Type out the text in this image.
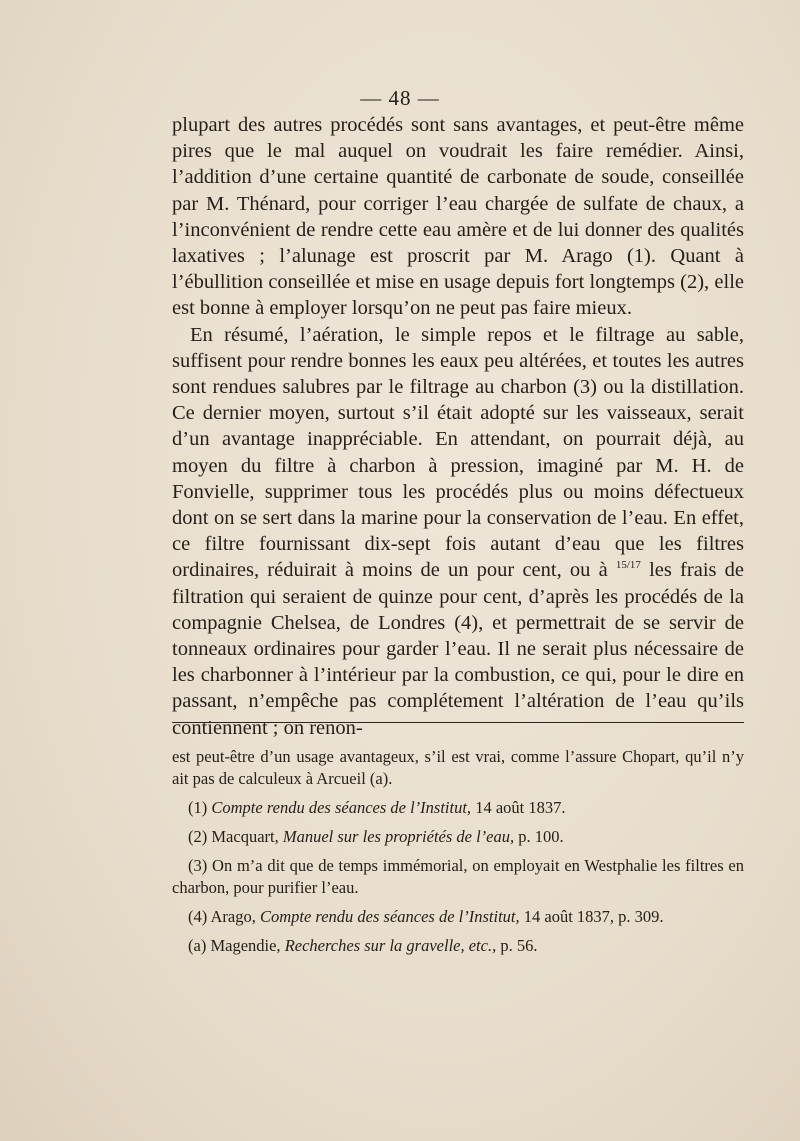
— 48 —

plupart des autres procédés sont sans avantages, et peut-être même pires que le mal auquel on voudrait les faire remédier. Ainsi, l’addition d’une certaine quantité de carbonate de soude, conseillée par M. Thénard, pour corriger l’eau chargée de sulfate de chaux, a l’inconvénient de rendre cette eau amère et de lui donner des qualités laxatives ; l’alunage est proscrit par M. Arago (1). Quant à l’ébullition conseillée et mise en usage depuis fort longtemps (2), elle est bonne à employer lorsqu’on ne peut pas faire mieux.

En résumé, l’aération, le simple repos et le filtrage au sable, suffisent pour rendre bonnes les eaux peu altérées, et toutes les autres sont rendues salubres par le filtrage au charbon (3) ou la distillation. Ce dernier moyen, surtout s’il était adopté sur les vaisseaux, serait d’un avantage inappréciable. En attendant, on pourrait déjà, au moyen du filtre à charbon à pression, imaginé par M. H. de Fonvielle, supprimer tous les procédés plus ou moins défectueux dont on se sert dans la marine pour la conservation de l’eau. En effet, ce filtre fournissant dix-sept fois autant d’eau que les filtres ordinaires, réduirait à moins de un pour cent, ou à $^{15/17}$ les frais de filtration qui seraient de quinze pour cent, d’après les procédés de la compagnie Chelsea, de Londres (4), et permettrait de se servir de tonneaux ordinaires pour garder l’eau. Il ne serait plus nécessaire de les charbonner à l’intérieur par la combustion, ce qui, pour le dire en passant, n’empêche pas complétement l’altération de l’eau qu’ils contiennent ; on renon-

est peut-être d’un usage avantageux, s’il est vrai, comme l’assure Chopart, qu’il n’y ait pas de calculeux à Arcueil (a).

(1) Compte rendu des séances de l’Institut, 14 août 1837.

(2) Macquart, Manuel sur les propriétés de l’eau, p. 100.

(3) On m’a dit que de temps immémorial, on employait en Westphalie les filtres en charbon, pour purifier l’eau.

(4) Arago, Compte rendu des séances de l’Institut, 14 août 1837, p. 309.

(a) Magendie, Recherches sur la gravelle, etc., p. 56.
